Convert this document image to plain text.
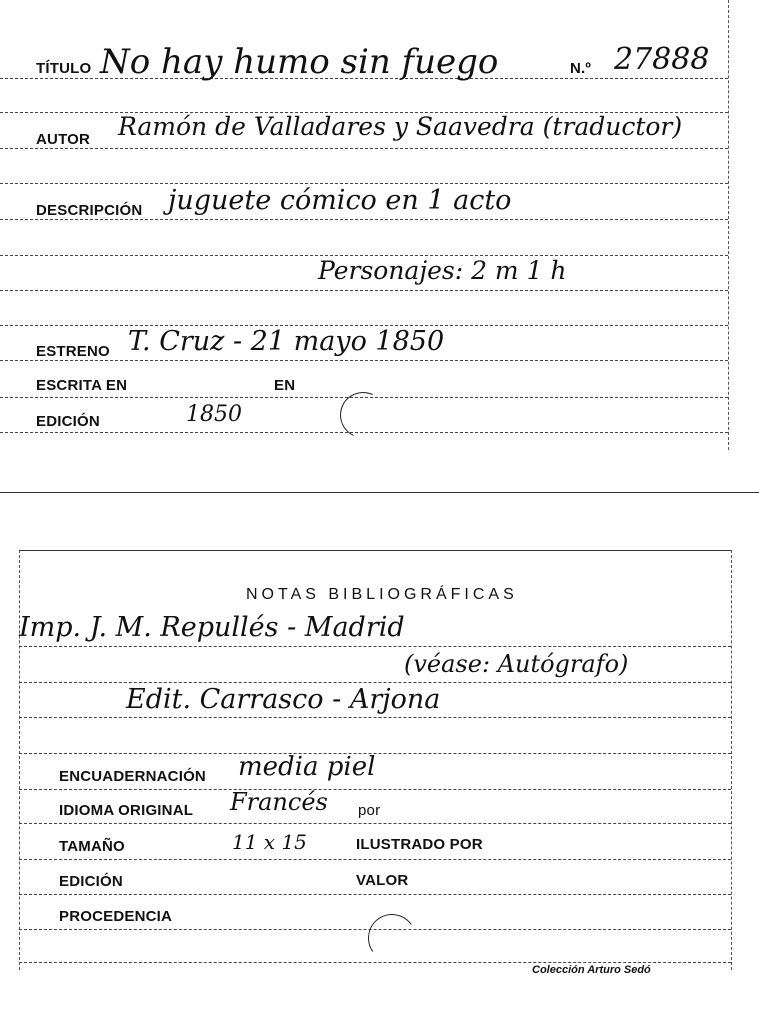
TÍTULO No hay humo sin fuego	N.º 27888
AUTOR Ramón de Valladares y Saavedra (traductor)
DESCRIPCIÓN juguete cómico en 1 acto
Personajes: 2 m 1 h
ESTRENO T. Cruz - 21 mayo 1850
ESCRITA EN	EN
EDICIÓN	1850
NOTAS BIBLIOGRÁFICAS
Imp. J. M. Repullés - Madrid
(véase: Autógrafo)
Edit. Carrasco - Arjona
ENCUADERNACIÓN media piel
IDIOMA ORIGINAL Francés por
TAMAÑO	11 x 15	ILUSTRADO POR
EDICIÓN	VALOR
PROCEDENCIA
Colección Arturo Sedó
